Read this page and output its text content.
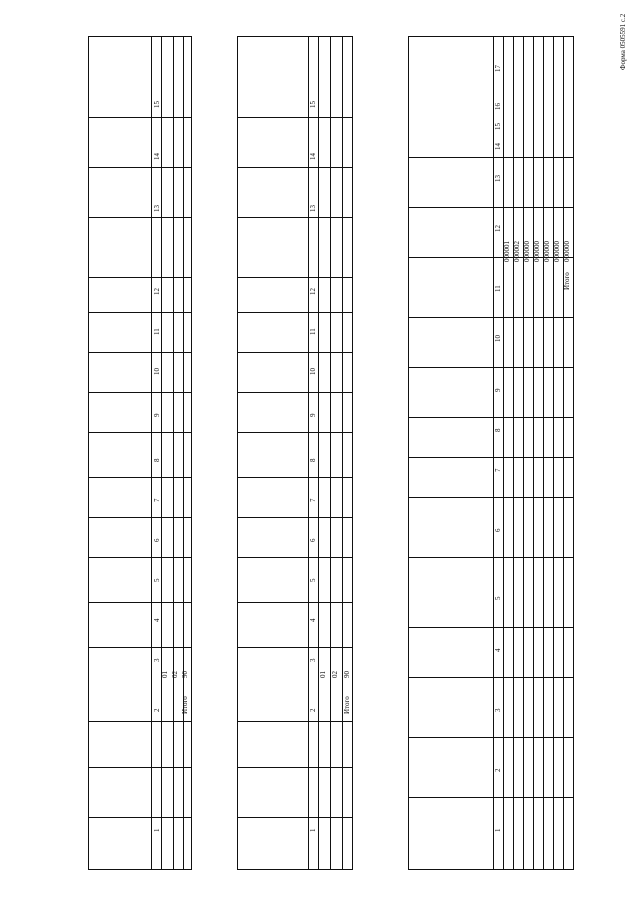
Форма 0505591 с.2
1
2
3
4
5
6
7
8
9
10
11
12
13
14
15
01 02 90
Итого
1
2
3
4
5
6
7
8
9
10
11
12
13
14
15
01 02 90
Итого
1
2
3
4
5
6
7
8
9
10
11
12
13
14
15
16
17
000001 000002 000000 000000 000000 000000 000000
Итого
